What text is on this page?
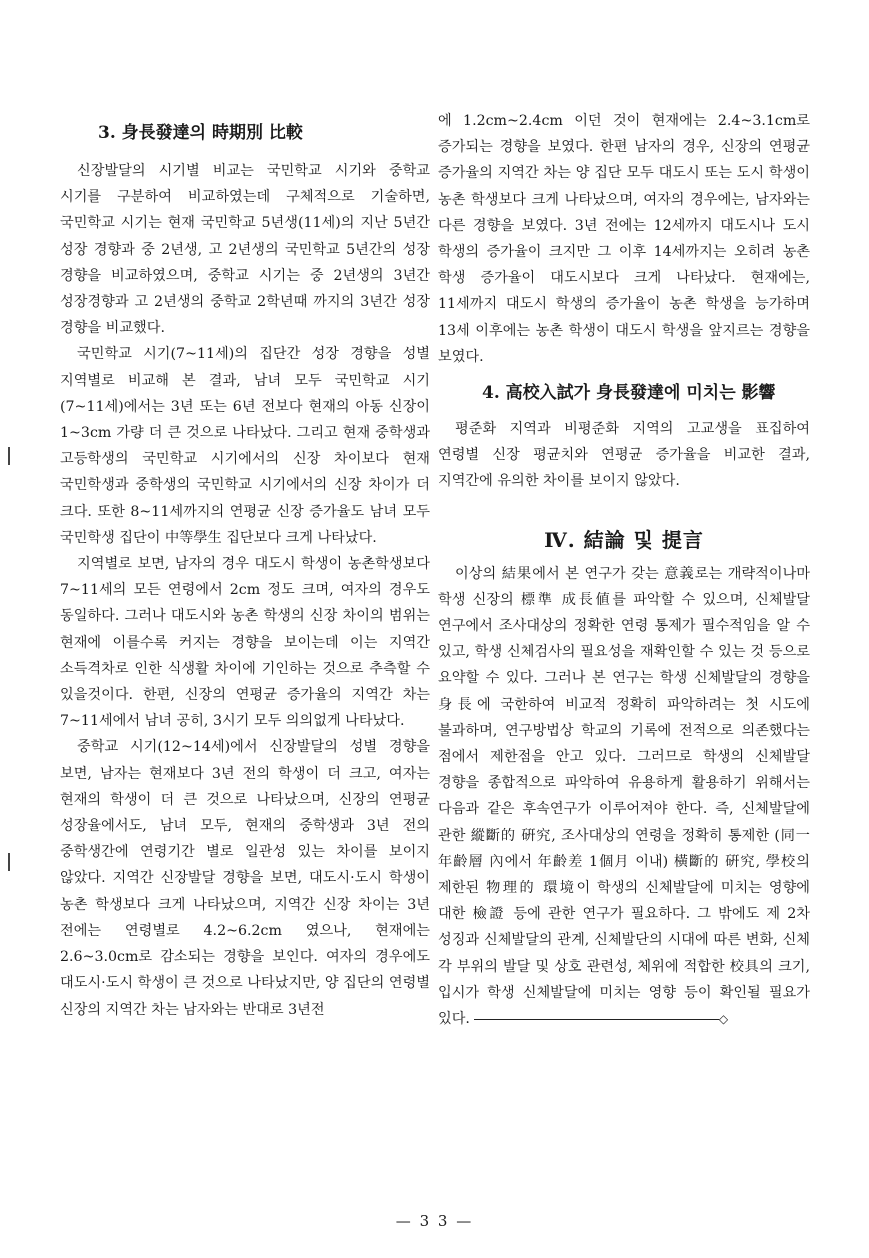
3. 身長發達의 時期別 比較

신장발달의 시기별 비교는 국민학교 시기와 중학교 시기를 구분하여 비교하였는데 구체적으로 기술하면, 국민학교 시기는 현재 국민학교 5년생(11세)의 지난 5년간 성장 경향과 중 2년생, 고 2년생의 국민학교 5년간의 성장 경향을 비교하였으며, 중학교 시기는 중 2년생의 3년간 성장경향과 고 2년생의 중학교 2학년때 까지의 3년간 성장 경향을 비교했다.

국민학교 시기(7~11세)의 집단간 성장 경향을 성별 지역별로 비교해 본 결과, 남녀 모두 국민학교 시기(7~11세)에서는 3년 또는 6년 전보다 현재의 아동 신장이 1~3cm 가량 더 큰 것으로 나타났다. 그리고 현재 중학생과 고등학생의 국민학교 시기에서의 신장 차이보다 현재 국민학생과 중학생의 국민학교 시기에서의 신장 차이가 더 크다. 또한 8~11세까지의 연평균 신장 증가율도 남녀 모두 국민학생 집단이 中等學生 집단보다 크게 나타났다.

지역별로 보면, 남자의 경우 대도시 학생이 농촌학생보다 7~11세의 모든 연령에서 2cm 정도 크며, 여자의 경우도 동일하다. 그러나 대도시와 농촌 학생의 신장 차이의 범위는 현재에 이를수록 커지는 경향을 보이는데 이는 지역간 소득격차로 인한 식생활 차이에 기인하는 것으로 추측할 수 있을것이다. 한편, 신장의 연평균 증가율의 지역간 차는 7~11세에서 남녀 공히, 3시기 모두 의의없게 나타났다.

중학교 시기(12~14세)에서 신장발달의 성별 경향을 보면, 남자는 현재보다 3년 전의 학생이 더 크고, 여자는 현재의 학생이 더 큰 것으로 나타났으며, 신장의 연평균 성장율에서도, 남녀 모두, 현재의 중학생과 3년 전의 중학생간에 연령기간 별로 일관성 있는 차이를 보이지 않았다. 지역간 신장발달 경향을 보면, 대도시·도시 학생이 농촌 학생보다 크게 나타났으며, 지역간 신장 차이는 3년 전에는 연령별로 4.2~6.2cm 였으나, 현재에는 2.6~3.0cm로 감소되는 경향을 보인다. 여자의 경우에도 대도시·도시 학생이 큰 것으로 나타났지만, 양 집단의 연령별 신장의 지역간 차는 남자와는 반대로 3년전

에 1.2cm~2.4cm 이던 것이 현재에는 2.4~3.1cm로 증가되는 경향을 보였다. 한편 남자의 경우, 신장의 연평균 증가율의 지역간 차는 양 집단 모두 대도시 또는 도시 학생이 농촌 학생보다 크게 나타났으며, 여자의 경우에는, 남자와는 다른 경향을 보였다. 3년 전에는 12세까지 대도시나 도시 학생의 증가율이 크지만 그 이후 14세까지는 오히려 농촌 학생 증가율이 대도시보다 크게 나타났다. 현재에는, 11세까지 대도시 학생의 증가율이 농촌 학생을 능가하며 13세 이후에는 농촌 학생이 대도시 학생을 앞지르는 경향을 보였다.

4. 高校入試가 身長發達에 미치는 影響

평준화 지역과 비평준화 지역의 고교생을 표집하여 연령별 신장 평균치와 연평균 증가율을 비교한 결과, 지역간에 유의한 차이를 보이지 않았다.

Ⅳ. 結論 및 提言

이상의 結果에서 본 연구가 갖는 意義로는 개략적이나마 학생 신장의 標準 成長値를 파악할 수 있으며, 신체발달 연구에서 조사대상의 정확한 연령 통제가 필수적임을 알 수 있고, 학생 신체검사의 필요성을 재확인할 수 있는 것 등으로 요약할 수 있다. 그러나 본 연구는 학생 신체발달의 경향을 身長에 국한하여 비교적 정확히 파악하려는 첫 시도에 불과하며, 연구방법상 학교의 기록에 전적으로 의존했다는 점에서 제한점을 안고 있다. 그러므로 학생의 신체발달 경향을 종합적으로 파악하여 유용하게 활용하기 위해서는 다음과 같은 후속연구가 이루어져야 한다. 즉, 신체발달에 관한 縱斷的 硏究, 조사대상의 연령을 정확히 통제한 (同一 年齡層 內에서 年齡差 1個月 이내) 橫斷的 硏究, 學校의 제한된 物理的 環境이 학생의 신체발달에 미치는 영향에 대한 檢證 등에 관한 연구가 필요하다. 그 밖에도 제 2차 성징과 신체발달의 관계, 신체발단의 시대에 따른 변화, 신체 각 부위의 발달 및 상호 관련성, 체위에 적합한 校具의 크기, 입시가 학생 신체발달에 미치는 영향 등이 확인될 필요가 있다.	◇

— 3 3 —
